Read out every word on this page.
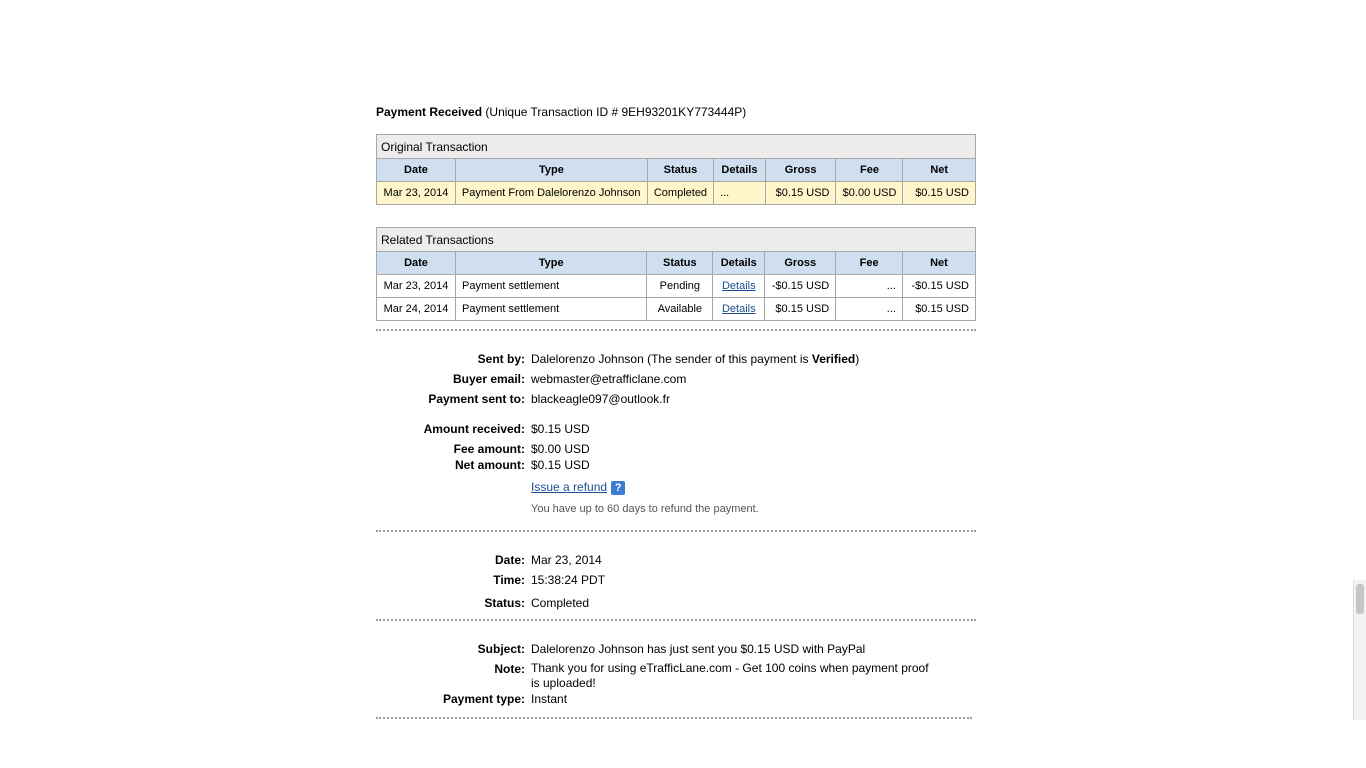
Payment Received (Unique Transaction ID # 9EH93201KY773444P)
Original Transaction						
Date	Type	Status	Details	Gross	Fee	Net
Mar 23, 2014	Payment From Dalelorenzo Johnson	Completed	...	$0.15 USD	$0.00 USD	$0.15 USD
Related Transactions						
Date	Type	Status	Details	Gross	Fee	Net
Mar 23, 2014	Payment settlement	Pending	Details	-$0.15 USD	...	-$0.15 USD
Mar 24, 2014	Payment settlement	Available	Details	$0.15 USD	...	$0.15 USD
Sent by: Dalelorenzo Johnson (The sender of this payment is Verified)
Buyer email: webmaster@etrafficlane.com
Payment sent to: blackeagle097@outlook.fr
Amount received: $0.15 USD
Fee amount: $0.00 USD
Net amount: $0.15 USD
Issue a refund ?
You have up to 60 days to refund the payment.
Date: Mar 23, 2014
Time: 15:38:24 PDT
Status: Completed
Subject: Dalelorenzo Johnson has just sent you $0.15 USD with PayPal
Note: Thank you for using eTrafficLane.com - Get 100 coins when payment proof
is uploaded!
Payment type: Instant
